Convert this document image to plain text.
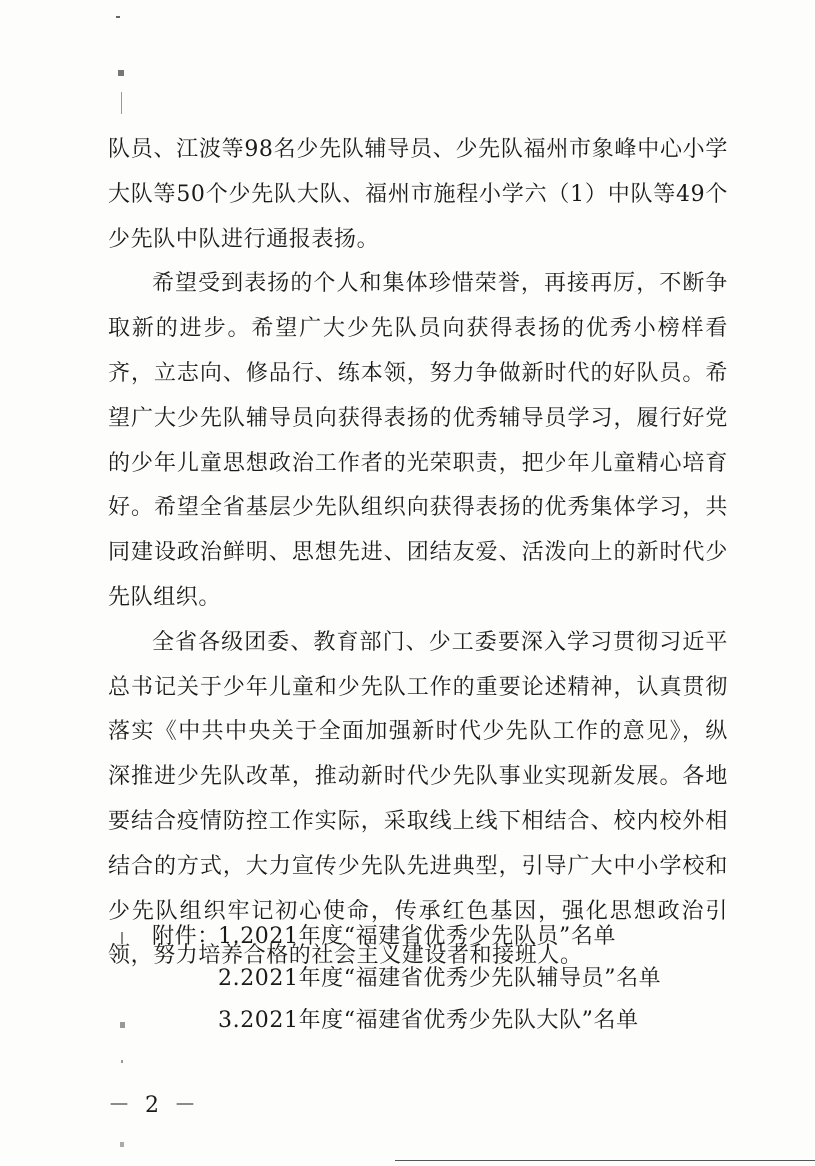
队员、江波等98名少先队辅导员、少先队福州市象峰中心小学大队等50个少先队大队、福州市施程小学六（1）中队等49个少先队中队进行通报表扬。

希望受到表扬的个人和集体珍惜荣誉，再接再厉，不断争取新的进步。希望广大少先队员向获得表扬的优秀小榜样看齐，立志向、修品行、练本领，努力争做新时代的好队员。希望广大少先队辅导员向获得表扬的优秀辅导员学习，履行好党的少年儿童思想政治工作者的光荣职责，把少年儿童精心培育好。希望全省基层少先队组织向获得表扬的优秀集体学习，共同建设政治鲜明、思想先进、团结友爱、活泼向上的新时代少先队组织。

全省各级团委、教育部门、少工委要深入学习贯彻习近平总书记关于少年儿童和少先队工作的重要论述精神，认真贯彻落实《中共中央关于全面加强新时代少先队工作的意见》，纵深推进少先队改革，推动新时代少先队事业实现新发展。各地要结合疫情防控工作实际，采取线上线下相结合、校内校外相结合的方式，大力宣传少先队先进典型，引导广大中小学校和少先队组织牢记初心使命，传承红色基因，强化思想政治引领，努力培养合格的社会主义建设者和接班人。

附件：
1.2021年度“福建省优秀少先队员”名单
2.2021年度“福建省优秀少先队辅导员”名单
3.2021年度“福建省优秀少先队大队”名单
－ 2 －
